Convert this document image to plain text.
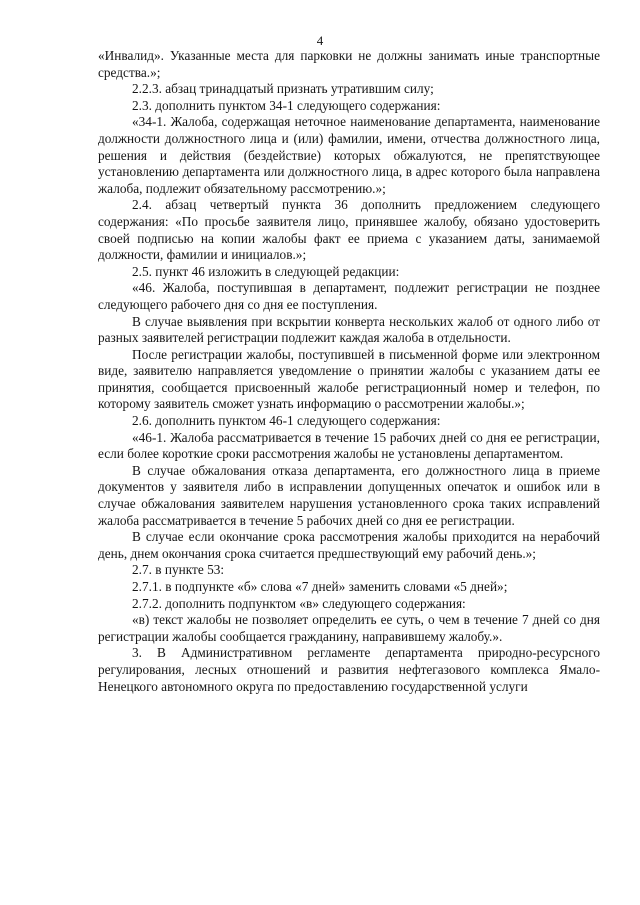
4

«Инвалид». Указанные места для парковки не должны занимать иные транспортные средства.»;

2.2.3. абзац тринадцатый признать утратившим силу;

2.3. дополнить пунктом 34-1 следующего содержания:

«34-1. Жалоба, содержащая неточное наименование департамента, наименование должности должностного лица и (или) фамилии, имени, отчества должностного лица, решения и действия (бездействие) которых обжалуются, не препятствующее установлению департамента или должностного лица, в адрес которого была направлена жалоба, подлежит обязательному рассмотрению.»;

2.4. абзац четвертый пункта 36 дополнить предложением следующего содержания: «По просьбе заявителя лицо, принявшее жалобу, обязано удостоверить своей подписью на копии жалобы факт ее приема с указанием даты, занимаемой должности, фамилии и инициалов.»;

2.5. пункт 46 изложить в следующей редакции:

«46. Жалоба, поступившая в департамент, подлежит регистрации не позднее следующего рабочего дня со дня ее поступления.

В случае выявления при вскрытии конверта нескольких жалоб от одного либо от разных заявителей регистрации подлежит каждая жалоба в отдельности.

После регистрации жалобы, поступившей в письменной форме или электронном виде, заявителю направляется уведомление о принятии жалобы с указанием даты ее принятия, сообщается присвоенный жалобе регистрационный номер и телефон, по которому заявитель сможет узнать информацию о рассмотрении жалобы.»;

2.6. дополнить пунктом 46-1 следующего содержания:

«46-1. Жалоба рассматривается в течение 15 рабочих дней со дня ее регистрации, если более короткие сроки рассмотрения жалобы не установлены департаментом.

В случае обжалования отказа департамента, его должностного лица в приеме документов у заявителя либо в исправлении допущенных опечаток и ошибок или в случае обжалования заявителем нарушения установленного срока таких исправлений жалоба рассматривается в течение 5 рабочих дней со дня ее регистрации.

В случае если окончание срока рассмотрения жалобы приходится на нерабочий день, днем окончания срока считается предшествующий ему рабочий день.»;

2.7. в пункте 53:

2.7.1. в подпункте «б» слова «7 дней» заменить словами «5 дней»;

2.7.2. дополнить подпунктом «в» следующего содержания:

«в) текст жалобы не позволяет определить ее суть, о чем в течение 7 дней со дня регистрации жалобы сообщается гражданину, направившему жалобу.».

3. В Административном регламенте департамента природно-ресурсного регулирования, лесных отношений и развития нефтегазового комплекса Ямало-Ненецкого автономного округа по предоставлению государственной услуги
